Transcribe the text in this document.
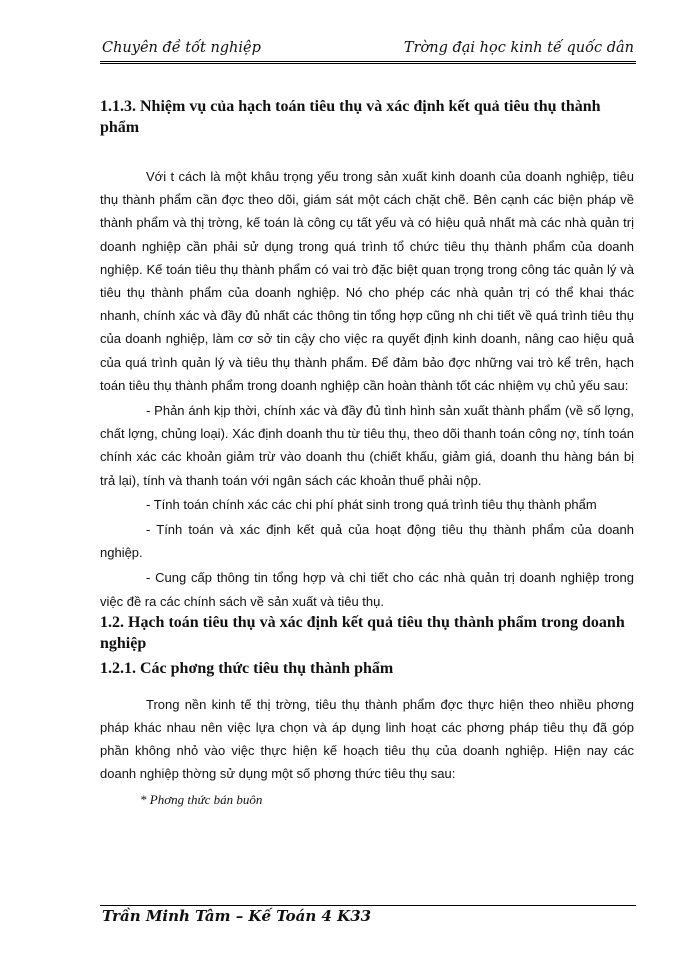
Chuyên đề tốt nghiệp	Trờng đại học kinh tế quốc dân

1.1.3. Nhiệm vụ của hạch toán tiêu thụ và xác định kết quả tiêu thụ thành phẩm

Với t cách là một khâu trọng yếu trong sản xuất kinh doanh của doanh nghiệp, tiêu thụ thành phẩm cần đợc theo dõi, giám sát một cách chặt chẽ. Bên cạnh các biện pháp về thành phẩm và thị trờng, kế toán là công cụ tất yếu và có hiệu quả nhất mà các nhà quản trị doanh nghiệp cần phải sử dụng trong quá trình tổ chức tiêu thụ thành phẩm của doanh nghiệp. Kế toán tiêu thụ thành phẩm có vai trò đặc biệt quan trọng trong công tác quản lý và tiêu thụ thành phẩm của doanh nghiệp. Nó cho phép các nhà quản trị có thể khai thác nhanh, chính xác và đầy đủ nhất các thông tin tổng hợp cũng nh chi tiết về quá trình tiêu thụ của doanh nghiệp, làm cơ sở tin cậy cho việc ra quyết định kinh doanh, nâng cao hiệu quả của quá trình quản lý và tiêu thụ thành phẩm. Để đảm bảo đợc những vai trò kể trên, hạch toán tiêu thụ thành phẩm trong doanh nghiệp cần hoàn thành tốt các nhiệm vụ chủ yếu sau:

- Phản ánh kịp thời, chính xác và đầy đủ tình hình sản xuất thành phẩm (về số lợng, chất lợng, chủng loại). Xác định doanh thu từ tiêu thụ, theo dõi thanh toán công nợ, tính toán chính xác các khoản giảm trừ vào doanh thu (chiết khấu, giảm giá, doanh thu hàng bán bị trả lại), tính và thanh toán với ngân sách các khoản thuế phải nộp.

- Tính toán chính xác các chi phí phát sinh trong quá trình tiêu thụ thành phẩm

- Tính toán và xác định kết quả của hoạt động tiêu thụ thành phẩm của doanh nghiệp.

- Cung cấp thông tin tổng hợp và chi tiết cho các nhà quản trị doanh nghiệp trong việc đề ra các chính sách về sản xuất và tiêu thụ.

1.2. Hạch toán tiêu thụ và xác định kết quả tiêu thụ thành phẩm trong doanh nghiệp

1.2.1. Các phơng thức tiêu thụ thành phẩm

Trong nền kinh tế thị trờng, tiêu thụ thành phẩm đợc thực hiện theo nhiều phơng pháp khác nhau nên việc lựa chọn và áp dụng linh hoạt các phơng pháp tiêu thụ đã góp phần không nhỏ vào việc thực hiện kế hoạch tiêu thụ của doanh nghiệp. Hiện nay các doanh nghiệp thờng sử dụng một số phơng thức tiêu thụ sau:

* Phơng thức bán buôn

Trần Minh Tâm – Kế Toán 4 K33
